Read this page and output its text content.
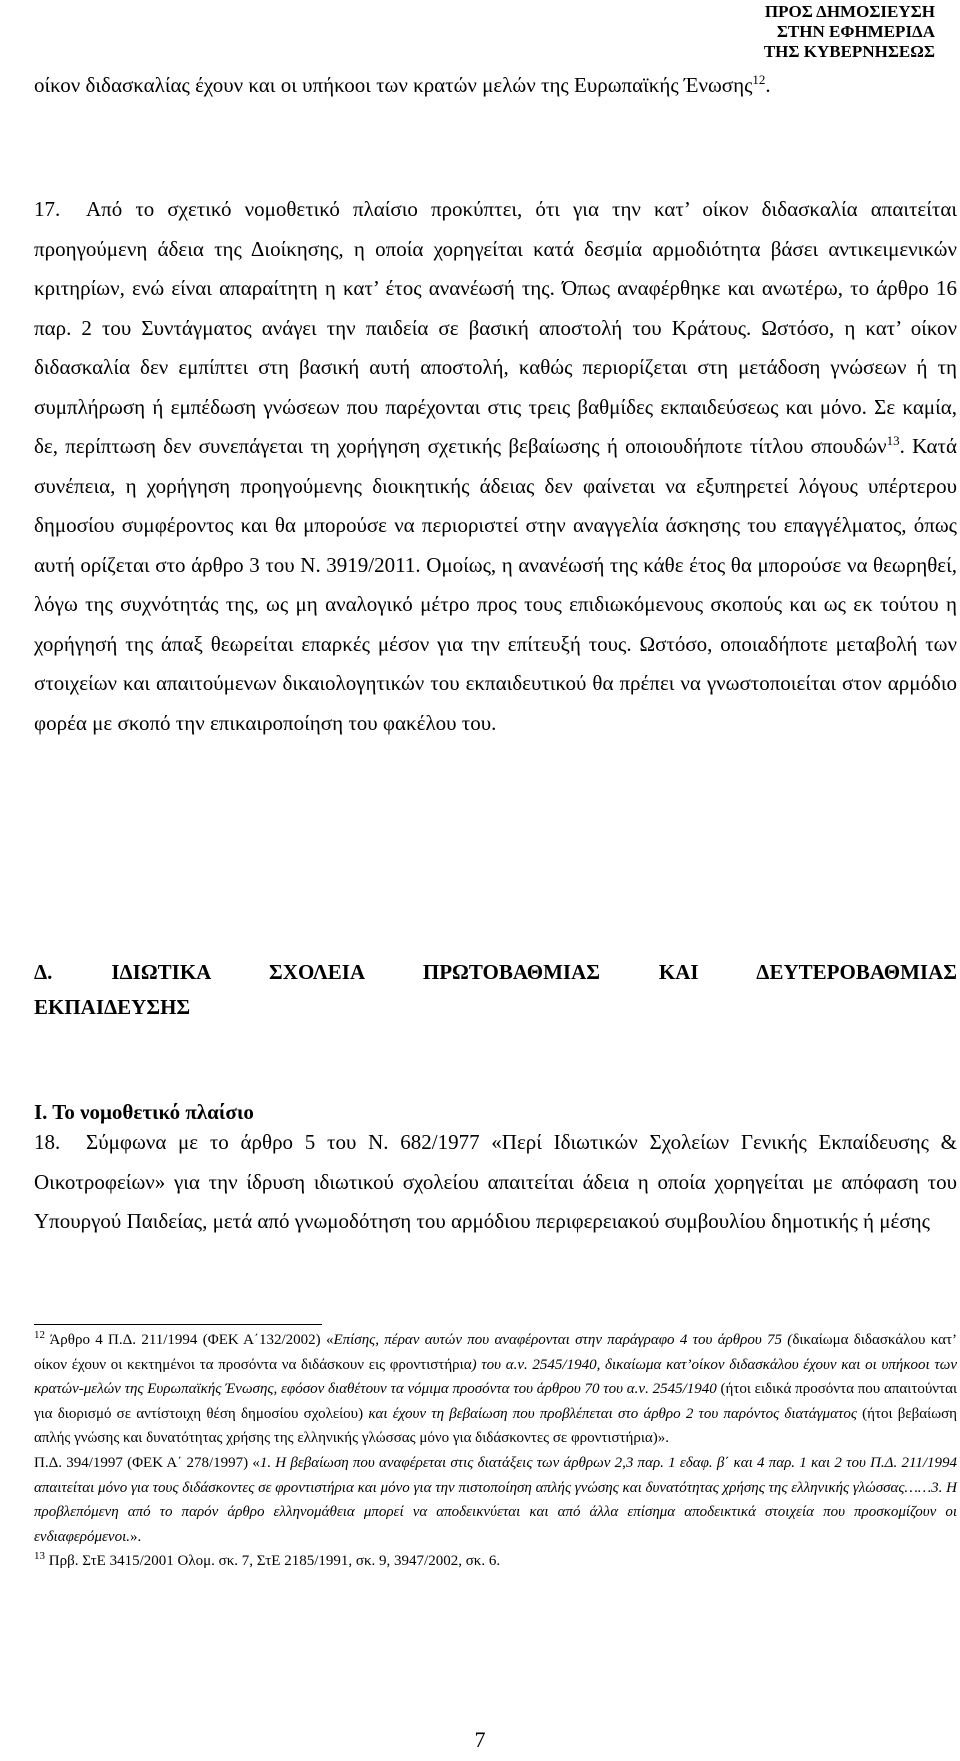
ΠΡΟΣ ΔΗΜΟΣΙΕΥΣΗ
ΣΤΗΝ ΕΦΗΜΕΡΙΔΑ
ΤΗΣ ΚΥΒΕΡΝΗΣΕΩΣ

οίκον διδασκαλίας έχουν και οι υπήκοοι των κρατών μελών της Ευρωπαϊκής Ένωσης$^{12}$.

17. Από το σχετικό νομοθετικό πλαίσιο προκύπτει, ότι για την κατ’ οίκον διδασκαλία απαιτείται προηγούμενη άδεια της Διοίκησης, η οποία χορηγείται κατά δεσμία αρμοδιότητα βάσει αντικειμενικών κριτηρίων, ενώ είναι απαραίτητη η κατ’ έτος ανανέωσή της. Όπως αναφέρθηκε και ανωτέρω, το άρθρο 16 παρ. 2 του Συντάγματος ανάγει την παιδεία σε βασική αποστολή του Κράτους. Ωστόσο, η κατ’ οίκον διδασκαλία δεν εμπίπτει στη βασική αυτή αποστολή, καθώς περιορίζεται στη μετάδοση γνώσεων ή τη συμπλήρωση ή εμπέδωση γνώσεων που παρέχονται στις τρεις βαθμίδες εκπαιδεύσεως και μόνο. Σε καμία, δε, περίπτωση δεν συνεπάγεται τη χορήγηση σχετικής βεβαίωσης ή οποιουδήποτε τίτλου σπουδών$^{13}$. Κατά συνέπεια, η χορήγηση προηγούμενης διοικητικής άδειας δεν φαίνεται να εξυπηρετεί λόγους υπέρτερου δημοσίου συμφέροντος και θα μπορούσε να περιοριστεί στην αναγγελία άσκησης του επαγγέλματος, όπως αυτή ορίζεται στο άρθρο 3 του Ν. 3919/2011. Ομοίως, η ανανέωσή της κάθε έτος θα μπορούσε να θεωρηθεί, λόγω της συχνότητάς της, ως μη αναλογικό μέτρο προς τους επιδιωκόμενους σκοπούς και ως εκ τούτου η χορήγησή της άπαξ θεωρείται επαρκές μέσον για την επίτευξή τους. Ωστόσο, οποιαδήποτε μεταβολή των στοιχείων και απαιτούμενων δικαιολογητικών του εκπαιδευτικού θα πρέπει να γνωστοποιείται στον αρμόδιο φορέα με σκοπό την επικαιροποίηση του φακέλου του.

Δ. ΙΔΙΩΤΙΚΑ ΣΧΟΛΕΙΑ ΠΡΩΤΟΒΑΘΜΙΑΣ ΚΑΙ ΔΕΥΤΕΡΟΒΑΘΜΙΑΣ
ΕΚΠΑΙΔΕΥΣΗΣ
Ι. Το νομοθετικό πλαίσιο

18. Σύμφωνα με το άρθρο 5 του Ν. 682/1977 «Περί Ιδιωτικών Σχολείων Γενικής Εκπαίδευσης & Οικοτροφείων» για την ίδρυση ιδιωτικού σχολείου απαιτείται άδεια η οποία χορηγείται με απόφαση του Υπουργού Παιδείας, μετά από γνωμοδότηση του αρμόδιου περιφερειακού συμβουλίου δημοτικής ή μέσης

$^{12}$ Άρθρο 4 Π.Δ. 211/1994 (ΦΕΚ Α΄132/2002) «Επίσης, πέραν αυτών που αναφέρονται στην παράγραφο 4 του άρθρου 75 (δικαίωμα διδασκάλου κατ’ οίκον έχουν οι κεκτημένοι τα προσόντα να διδάσκουν εις φροντιστήρια) του α.ν. 2545/1940, δικαίωμα κατ’οίκον διδασκάλου έχουν και οι υπήκοοι των κρατών-μελών της Ευρωπαϊκής Ένωσης, εφόσον διαθέτουν τα νόμιμα προσόντα του άρθρου 70 του α.ν. 2545/1940 (ήτοι ειδικά προσόντα που απαιτούνται για διορισμό σε αντίστοιχη θέση δημοσίου σχολείου) και έχουν τη βεβαίωση που προβλέπεται στο άρθρο 2 του παρόντος διατάγματος (ήτοι βεβαίωση απλής γνώσης και δυνατότητας χρήσης της ελληνικής γλώσσας μόνο για διδάσκοντες σε φροντιστήρια)».

Π.Δ. 394/1997 (ΦΕΚ Α΄ 278/1997) «1. Η βεβαίωση που αναφέρεται στις διατάξεις των άρθρων 2,3 παρ. 1 εδαφ. β΄ και 4 παρ. 1 και 2 του Π.Δ. 211/1994 απαιτείται μόνο για τους διδάσκοντες σε φροντιστήρια και μόνο για την πιστοποίηση απλής γνώσης και δυνατότητας χρήσης της ελληνικής γλώσσας……3. Η προβλεπόμενη από το παρόν άρθρο ελληνομάθεια μπορεί να αποδεικνύεται και από άλλα επίσημα αποδεικτικά στοιχεία που προσκομίζουν οι ενδιαφερόμενοι.».

$^{13}$ Πρβ. ΣτΕ 3415/2001 Ολομ. σκ. 7, ΣτΕ 2185/1991, σκ. 9, 3947/2002, σκ. 6.

7
